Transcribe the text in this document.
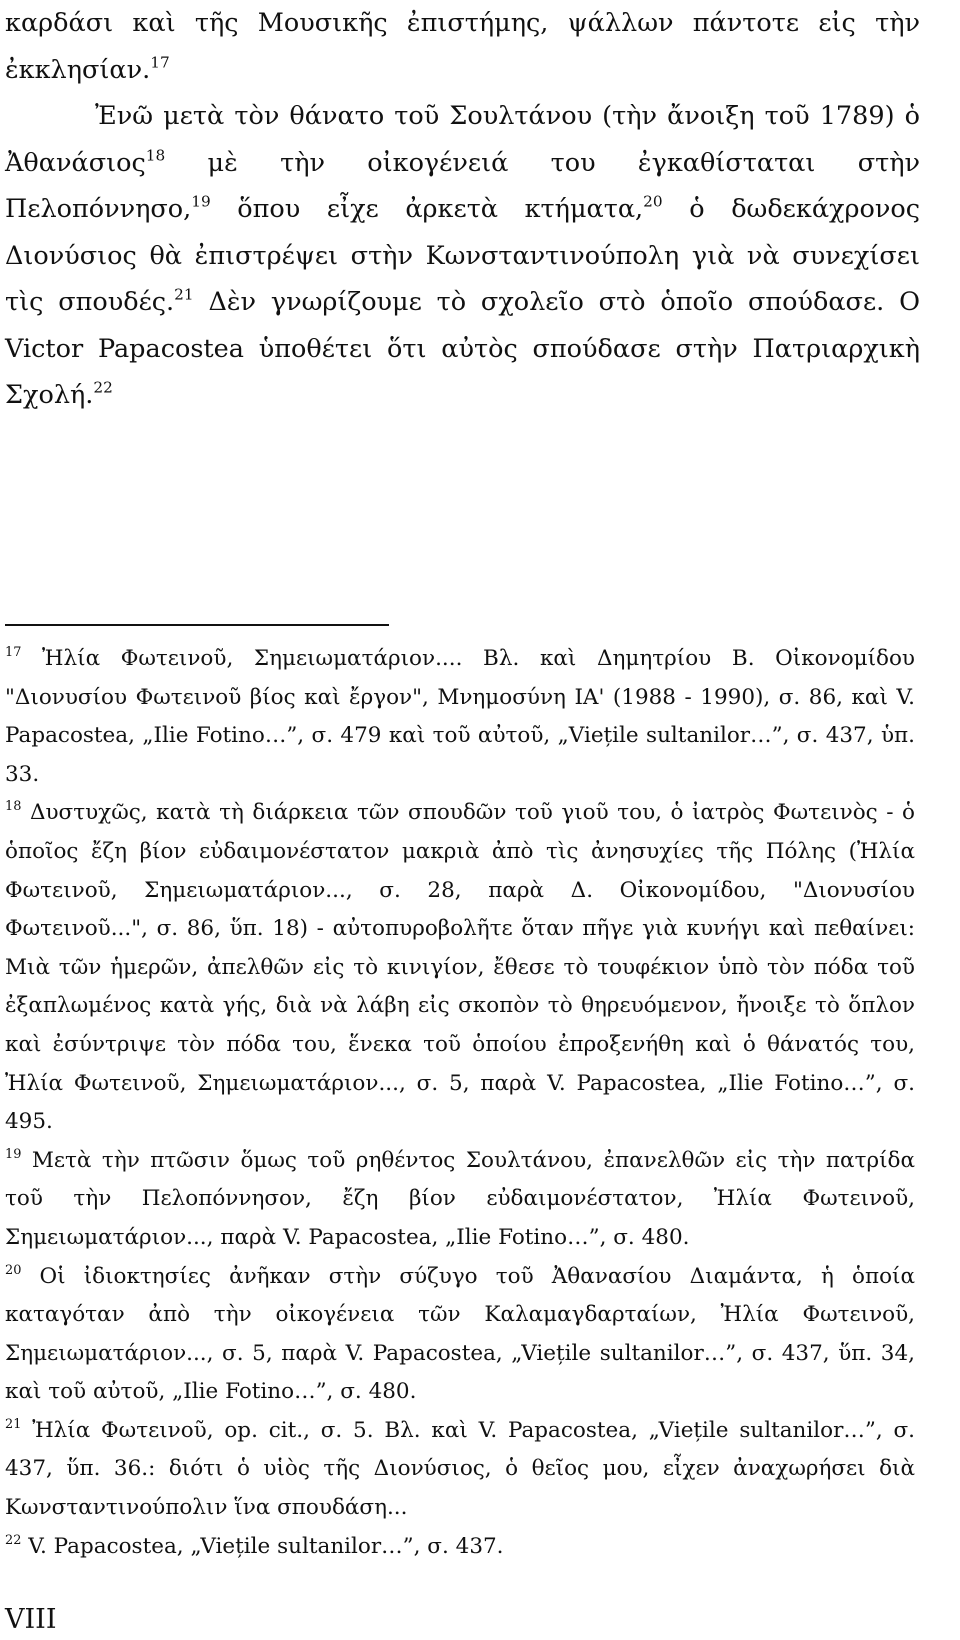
καρδάσι καὶ τῆς Μουσικῆς ἐπιστήμης, ψάλλων πάντοτε εἰς τὴν ἐκκλησίαν.$^{17}$

Ἐνῶ μετὰ τὸν θάνατο τοῦ Σουλτάνου (τὴν ἄνοιξη τοῦ 1789) ὁ Ἀθανάσιος$^{18}$ μὲ τὴν οἰκογένειά του ἐγκαθίσταται στὴν Πελοπόννησο,$^{19}$ ὅπου εἶχε ἀρκετὰ κτήματα,$^{20}$ ὁ δωδεκάχρονος Διονύσιος θὰ ἐπιστρέψει στὴν Κωνσταντινούπολη γιὰ νὰ συνεχίσει τὶς σπουδές.$^{21}$ Δὲν γνωρίζουμε τὸ σχολεῖο στὸ ὁποῖο σπούδασε. O Victor Papacostea ὑποθέτει ὅτι αὐτὸς σπούδασε στὴν Πατριαρχικὴ Σχολή.$^{22}$

$^{17}$ Ἠλία Φωτεινοῦ, Σημειωματάριον.... Βλ. καὶ Δημητρίου Β. Οἰκονομίδου "Διονυσίου Φωτεινοῦ βίος καὶ ἔργον", Μνημοσύνη ΙΑ' (1988 - 1990), σ. 86, καὶ V. Papacostea, „Ilie Fotino…”, σ. 479 καὶ τοῦ αὐτοῦ, „Viețile sultanilor…”, σ. 437, ὑπ. 33.

$^{18}$ Δυστυχῶς, κατὰ τὴ διάρκεια τῶν σπουδῶν τοῦ γιοῦ του, ὁ ἰατρὸς Φωτεινὸς - ὁ ὁποῖος ἔζη βίον εὐδαιμονέστατον μακριὰ ἀπὸ τὶς ἀνησυχίες τῆς Πόλης (Ἠλία Φωτεινοῦ, Σημειωματάριον..., σ. 28, παρὰ Δ. Οἰκονομίδου, "Διονυσίου Φωτεινοῦ...", σ. 86, ὕπ. 18) - αὐτοπυροβολῆτε ὅταν πῆγε γιὰ κυνήγι καὶ πεθαίνει: Μιὰ τῶν ἡμερῶν, ἀπελθῶν εἰς τὸ κινιγίον, ἔθεσε τὸ τουφέκιον ὑπὸ τὸν πόδα τοῦ ἐξαπλωμένος κατὰ γής, διὰ νὰ λάβη εἰς σκοπὸν τὸ θηρευόμενον, ἤνοιξε τὸ ὅπλον καὶ ἐσύντριψε τὸν πόδα του, ἕνεκα τοῦ ὁποίου ἐπροξενήθη καὶ ὁ θάνατός του, Ἠλία Φωτεινοῦ, Σημειωματάριον..., σ. 5, παρὰ V. Papacostea, „Ilie Fotino…”, σ. 495.

$^{19}$ Μετὰ τὴν πτῶσιν ὅμως τοῦ ρηθέντος Σουλτάνου, ἐπανελθῶν εἰς τὴν πατρίδα τοῦ τὴν Πελοπόννησον, ἔζη βίον εὐδαιμονέστατον, Ἠλία Φωτεινοῦ, Σημειωματάριον..., παρὰ V. Papacostea, „Ilie Fotino…”, σ. 480.

$^{20}$ Οἱ ἰδιοκτησίες ἀνῆκαν στὴν σύζυγο τοῦ Ἀθανασίου Διαμάντα, ἡ ὁποία καταγόταν ἀπὸ τὴν οἰκογένεια τῶν Καλαμαγδαρταίων, Ἠλία Φωτεινοῦ, Σημειωματάριον..., σ. 5, παρὰ V. Papacostea, „Viețile sultanilor…”, σ. 437, ὕπ. 34, καὶ τοῦ αὐτοῦ, „Ilie Fotino…”, σ. 480.

$^{21}$ Ἠλία Φωτεινοῦ, op. cit., σ. 5. Βλ. καὶ V. Papacostea, „Viețile sultanilor…”, σ. 437, ὕπ. 36.: διότι ὁ υἱὸς τῆς Διονύσιος, ὁ θεῖος μου, εἶχεν ἀναχωρήσει διὰ Κωνσταντινούπολιν ἵνα σπουδάση...

$^{22}$ V. Papacostea, „Viețile sultanilor…”, σ. 437.

VIII
